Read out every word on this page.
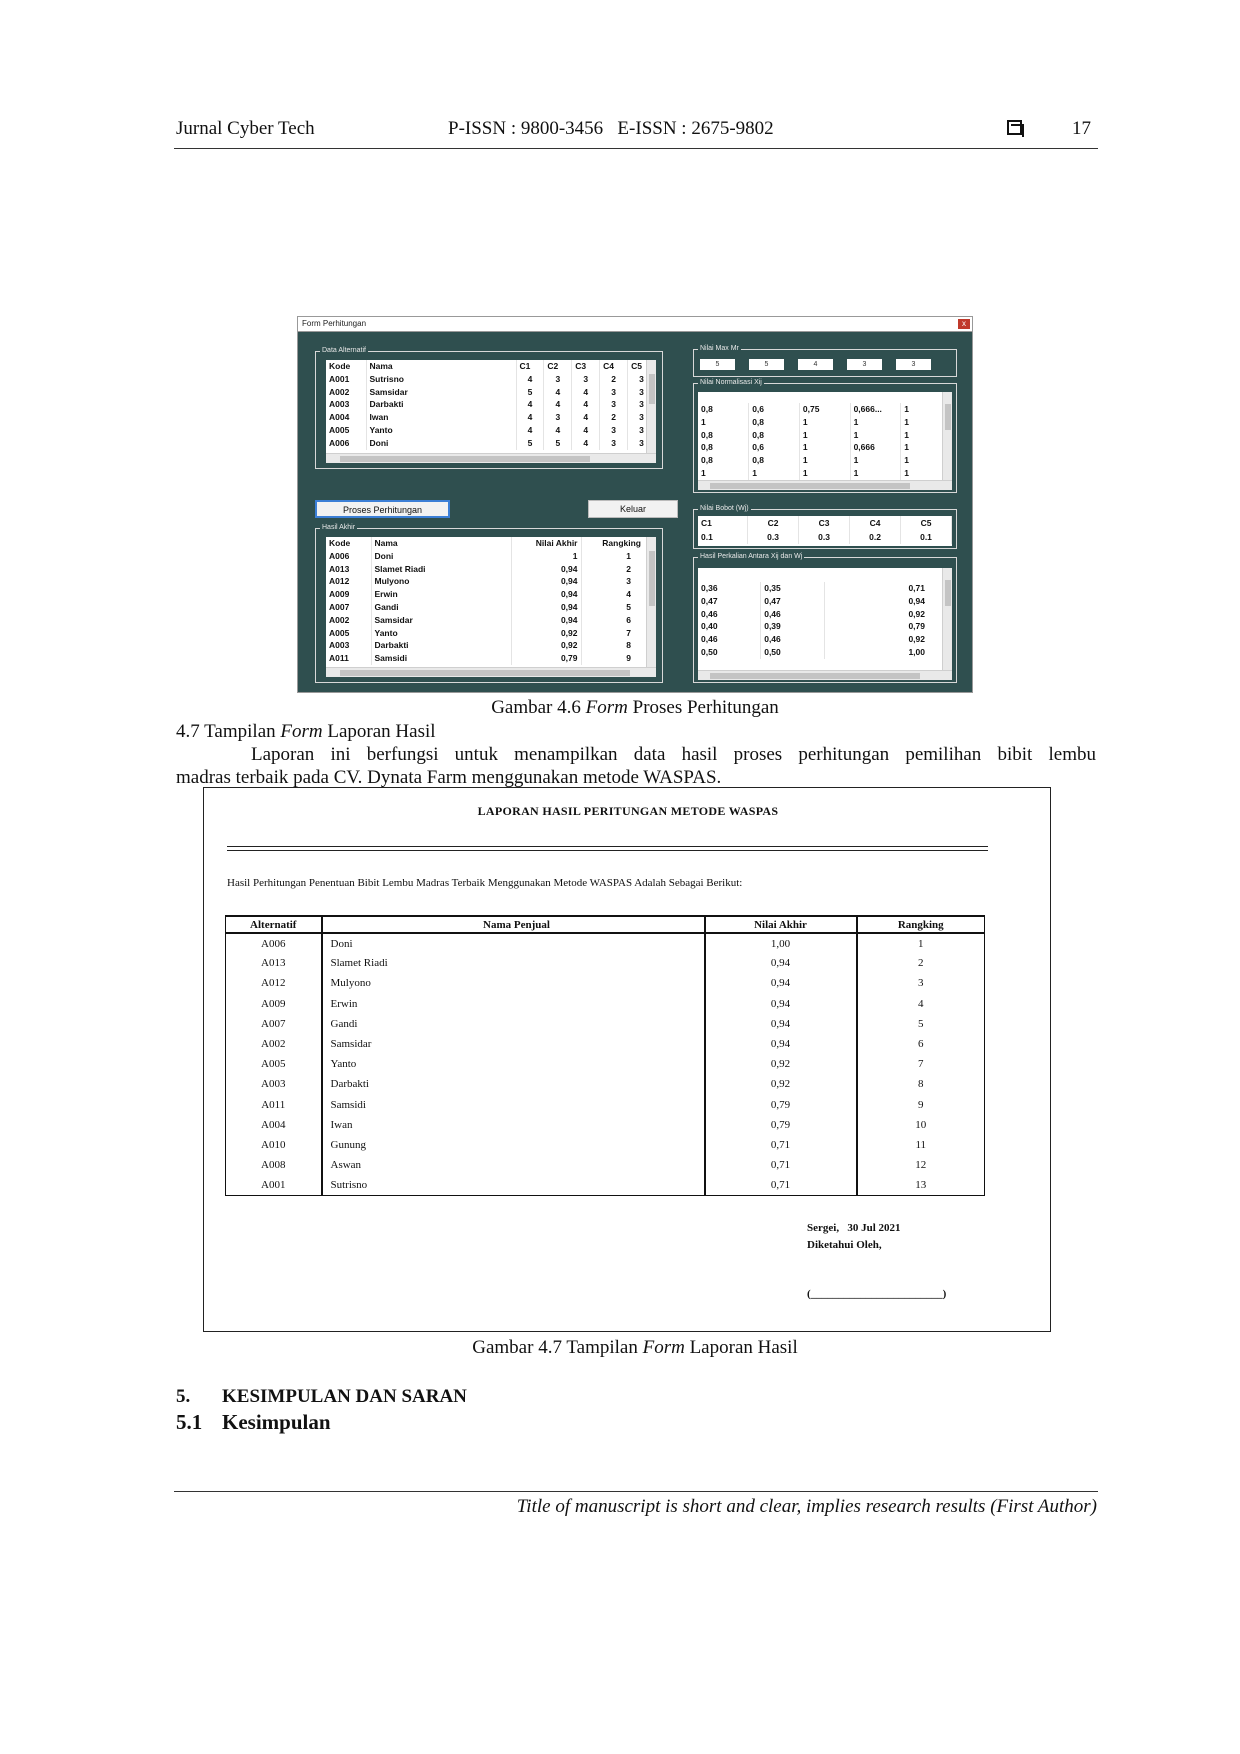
Jurnal Cyber Tech	P-ISSN : 9800-3456   E-ISSN : 2675-9802	17
Form Perhitungan	x
Data Alternatif
Kode	Nama	C1	C2	C3	C4	C5
A001	Sutrisno	4	3	3	2	3
A002	Samsidar	5	4	4	3	3
A003	Darbakti	4	4	4	3	3
A004	Iwan	4	3	4	2	3
A005	Yanto	4	4	4	3	3
A006	Doni	5	5	4	3	3
Proses Perhitungan	Keluar
Hasil Akhir
Kode	Nama	Nilai Akhir	Rangking
A006	Doni	1	1
A013	Slamet Riadi	0,94	2
A012	Mulyono	0,94	3
A009	Erwin	0,94	4
A007	Gandi	0,94	5
A002	Samsidar	0,94	6
A005	Yanto	0,92	7
A003	Darbakti	0,92	8
A011	Samsidi	0,79	9
Nilai Max Mr
5	5	4	3	3
Nilai Normalisasi Xij

0,8	0,6	0,75	0,666...	1
1	0,8	1	1	1
0,8	0,8	1	1	1
0,8	0,6	1	0,666	1
0,8	0,8	1	1	1
1	1	1	1	1
Nilai Bobot (Wj)
C1	C2	C3	C4	C5
0.1	0.3	0.3	0.2	0.1
Hasil Perkalian Antara Xij dan Wj

0,36	0,35	0,71
0,47	0,47	0,94
0,46	0,46	0,92
0,40	0,39	0,79
0,46	0,46	0,92
0,50	0,50	1,00
Gambar 4.6 Form Proses Perhitungan
4.7 Tampilan Form Laporan Hasil
Laporan ini berfungsi untuk menampilkan data hasil proses perhitungan pemilihan bibit lembu
madras terbaik pada CV. Dynata Farm menggunakan metode WASPAS.
LAPORAN HASIL PERITUNGAN METODE WASPAS
Hasil Perhitungan Penentuan Bibit Lembu Madras Terbaik Menggunakan Metode WASPAS Adalah Sebagai Berikut:
Alternatif	Nama Penjual	Nilai Akhir	Rangking
A006	Doni	1,00	1
A013	Slamet Riadi	0,94	2
A012	Mulyono	0,94	3
A009	Erwin	0,94	4
A007	Gandi	0,94	5
A002	Samsidar	0,94	6
A005	Yanto	0,92	7
A003	Darbakti	0,92	8
A011	Samsidi	0,79	9
A004	Iwan	0,79	10
A010	Gunung	0,71	11
A008	Aswan	0,71	12
A001	Sutrisno	0,71	13
Sergei,   30 Jul 2021
Diketahui Oleh,
(________________________)
Gambar 4.7 Tampilan Form Laporan Hasil
5. KESIMPULAN DAN SARAN
5.1 Kesimpulan
Title of manuscript is short and clear, implies research results (First Author)
